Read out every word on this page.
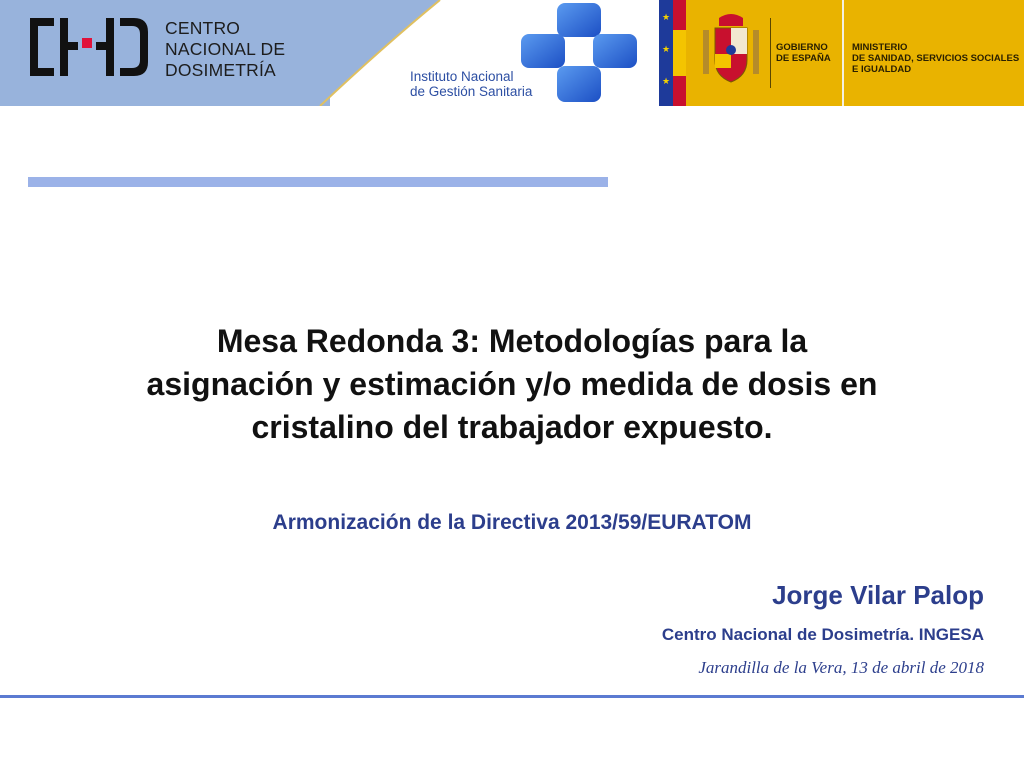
CENTRO
NACIONAL DE
DOSIMETRÍA	Instituto Nacional
de Gestión Sanitaria
★
★
★
GOBIERNO
DE ESPAÑA
MINISTERIO
DE SANIDAD, SERVICIOS SOCIALES
E IGUALDAD
Mesa Redonda 3: Metodologías para la
asignación y estimación y/o medida de dosis en
cristalino del trabajador expuesto.
Armonización de la Directiva 2013/59/EURATOM
Jorge Vilar Palop
Centro Nacional de Dosimetría. INGESA
Jarandilla de la Vera, 13 de abril de 2018
